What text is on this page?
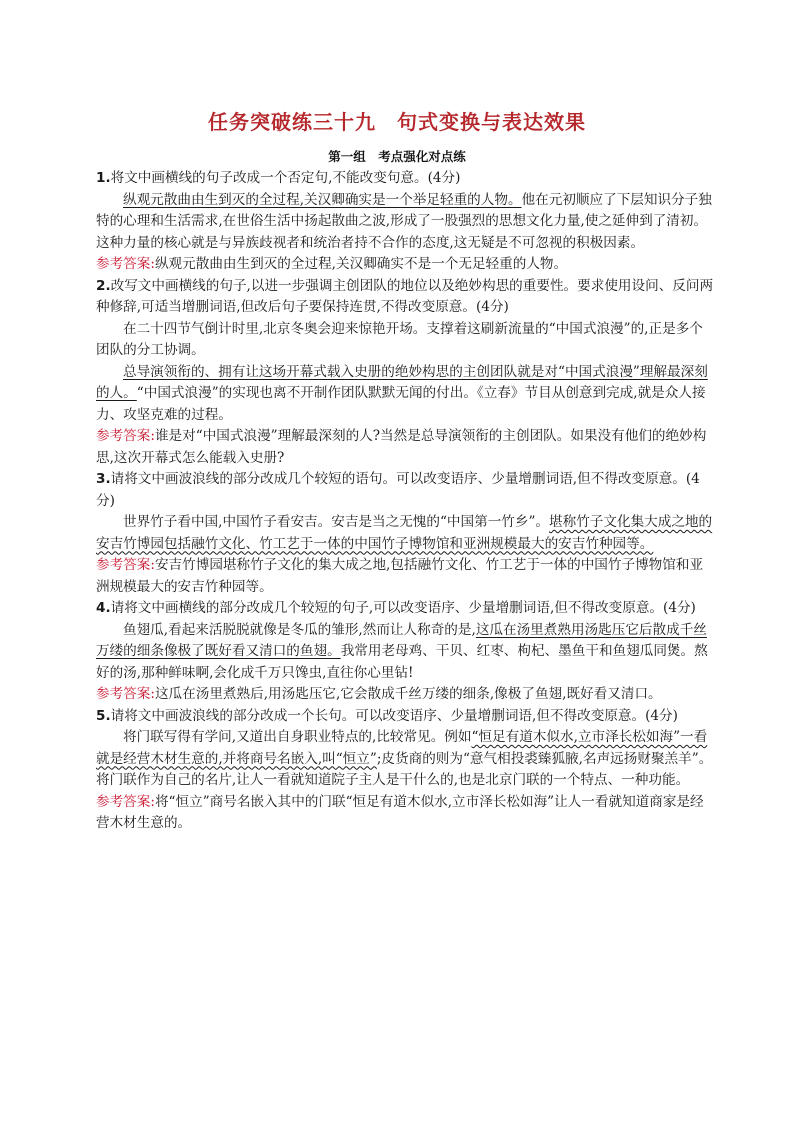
任务突破练三十九　句式变换与表达效果
第一组　考点强化对点练

1.将文中画横线的句子改成一个否定句,不能改变句意。(4分)

纵观元散曲由生到灭的全过程,关汉卿确实是一个举足轻重的人物。他在元初顺应了下层知识分子独特的心理和生活需求,在世俗生活中扬起散曲之波,形成了一股强烈的思想文化力量,使之延伸到了清初。这种力量的核心就是与异族歧视者和统治者持不合作的态度,这无疑是不可忽视的积极因素。

参考答案:纵观元散曲由生到灭的全过程,关汉卿确实不是一个无足轻重的人物。

2.改写文中画横线的句子,以进一步强调主创团队的地位以及绝妙构思的重要性。要求使用设问、反问两种修辞,可适当增删词语,但改后句子要保持连贯,不得改变原意。(4分)

在二十四节气倒计时里,北京冬奥会迎来惊艳开场。支撑着这刷新流量的“中国式浪漫”的,正是多个团队的分工协调。

总导演领衔的、拥有让这场开幕式载入史册的绝妙构思的主创团队就是对“中国式浪漫”理解最深刻的人。“中国式浪漫”的实现也离不开制作团队默默无闻的付出。《立春》节目从创意到完成,就是众人接力、攻坚克难的过程。

参考答案:谁是对“中国式浪漫”理解最深刻的人?当然是总导演领衔的主创团队。如果没有他们的绝妙构思,这次开幕式怎么能载入史册?

3.请将文中画波浪线的部分改成几个较短的语句。可以改变语序、少量增删词语,但不得改变原意。(4分)

世界竹子看中国,中国竹子看安吉。安吉是当之无愧的“中国第一竹乡”。堪称竹子文化集大成之地的安吉竹博园包括融竹文化、竹工艺于一体的中国竹子博物馆和亚洲规模最大的安吉竹种园等。

参考答案:安吉竹博园堪称竹子文化的集大成之地,包括融竹文化、竹工艺于一体的中国竹子博物馆和亚洲规模最大的安吉竹种园等。

4.请将文中画横线的部分改成几个较短的句子,可以改变语序、少量增删词语,但不得改变原意。(4分)

鱼翅瓜,看起来活脱脱就像是冬瓜的雏形,然而让人称奇的是,这瓜在汤里煮熟用汤匙压它后散成千丝万缕的细条像极了既好看又清口的鱼翅。我常用老母鸡、干贝、红枣、枸杞、墨鱼干和鱼翅瓜同煲。熬好的汤,那种鲜味啊,会化成千万只馋虫,直往你心里钻!

参考答案:这瓜在汤里煮熟后,用汤匙压它,它会散成千丝万缕的细条,像极了鱼翅,既好看又清口。

5.请将文中画波浪线的部分改成一个长句。可以改变语序、少量增删词语,但不得改变原意。(4分)

将门联写得有学问,又道出自身职业特点的,比较常见。例如“恒足有道木似水,立市泽长松如海”一看就是经营木材生意的,并将商号名嵌入,叫“恒立”;皮货商的则为“意气相投裘臻狐腋,名声远扬财聚羔羊”。将门联作为自己的名片,让人一看就知道院子主人是干什么的,也是北京门联的一个特点、一种功能。

参考答案:将“恒立”商号名嵌入其中的门联“恒足有道木似水,立市泽长松如海”让人一看就知道商家是经营木材生意的。
